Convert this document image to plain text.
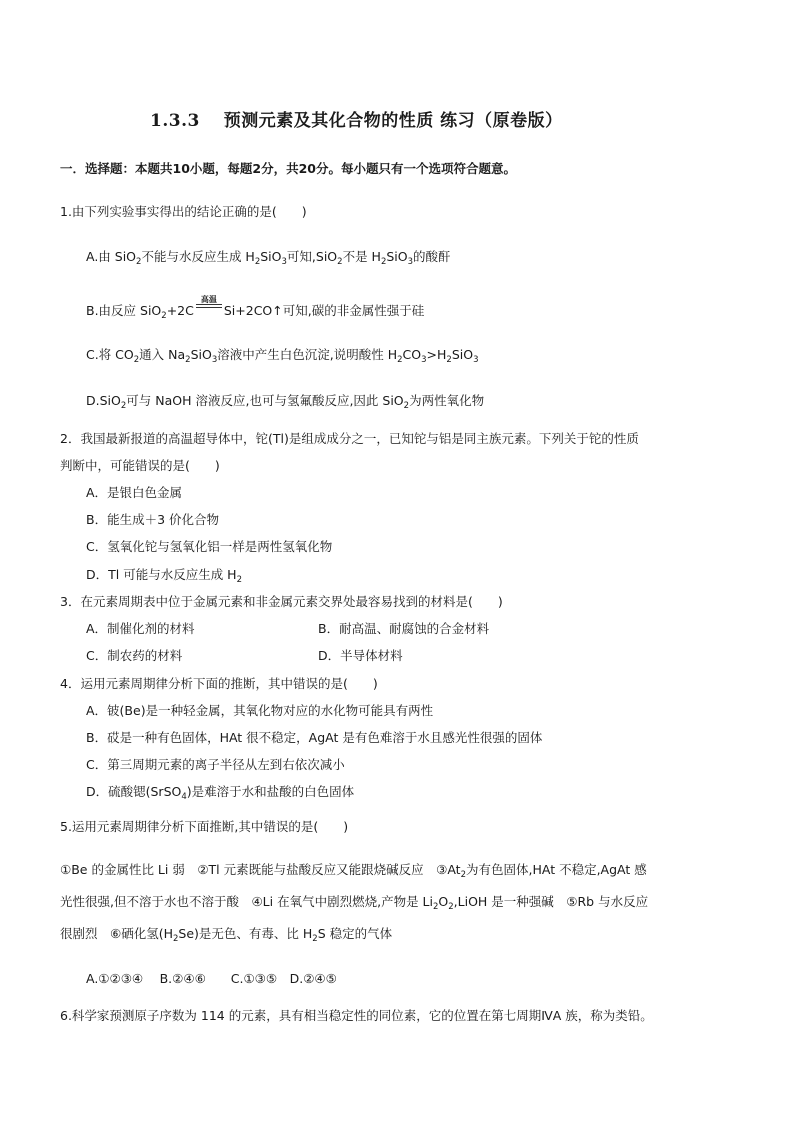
1.3.3　 预测元素及其化合物的性质 练习（原卷版）
一．选择题：本题共10小题，每题2分，共20分。每小题只有一个选项符合题意。
1.由下列实验事实得出的结论正确的是(　　)
A.由 SiO$_2$不能与水反应生成 $H_2SiO_3$可知,SiO$_2$不是 $H_2SiO_3$的酸酐
B.由反应 SiO$_2$+2C
高温
Si+2CO↑可知,碳的非金属性强于硅
C.将 $CO_2$通入 $Na_2SiO_3$溶液中产生白色沉淀,说明酸性 $H_2CO_3>H_2SiO_3$
D.SiO$_2$可与 NaOH 溶液反应,也可与氢氟酸反应,因此 SiO$_2$为两性氧化物
2．我国最新报道的高温超导体中，铊(Tl)是组成成分之一，已知铊与铝是同主族元素。下列关于铊的性质
判断中，可能错误的是(　　)
A．是银白色金属
B．能生成＋3 价化合物
C．氢氧化铊与氢氧化铝一样是两性氢氧化物
D．Tl 可能与水反应生成 $H_2$
3．在元素周期表中位于金属元素和非金属元素交界处最容易找到的材料是(　　)
A．制催化剂的材料	B．耐高温、耐腐蚀的合金材料
C．制农药的材料	D．半导体材料
4．运用元素周期律分析下面的推断，其中错误的是(　　)
A．铍(Be)是一种轻金属，其氧化物对应的水化物可能具有两性
B．砹是一种有色固体，HAt 很不稳定，AgAt 是有色难溶于水且感光性很强的固体
C．第三周期元素的离子半径从左到右依次减小
D．硫酸锶(SrSO$_4$)是难溶于水和盐酸的白色固体
5.运用元素周期律分析下面推断,其中错误的是(　　)
①Be 的金属性比 Li 弱　②Tl 元素既能与盐酸反应又能跟烧碱反应　$③At_2$为有色固体,HAt 不稳定,AgAt 感
光性很强,但不溶于水也不溶于酸　④Li 在氧气中剧烈燃烧,产物是 $Li_2O_2,LiOH$ 是一种强碱　⑤Rb 与水反应
很剧烈　⑥硒化氢$(H_2Se)$是无色、有毒、比 $H_2S$ 稳定的气体
A.①②③④　 B.②④⑥　　C.①③⑤　D.②④⑤
6.科学家预测原子序数为 114 的元素，具有相当稳定性的同位素，它的位置在第七周期ⅣA 族，称为类铅。
